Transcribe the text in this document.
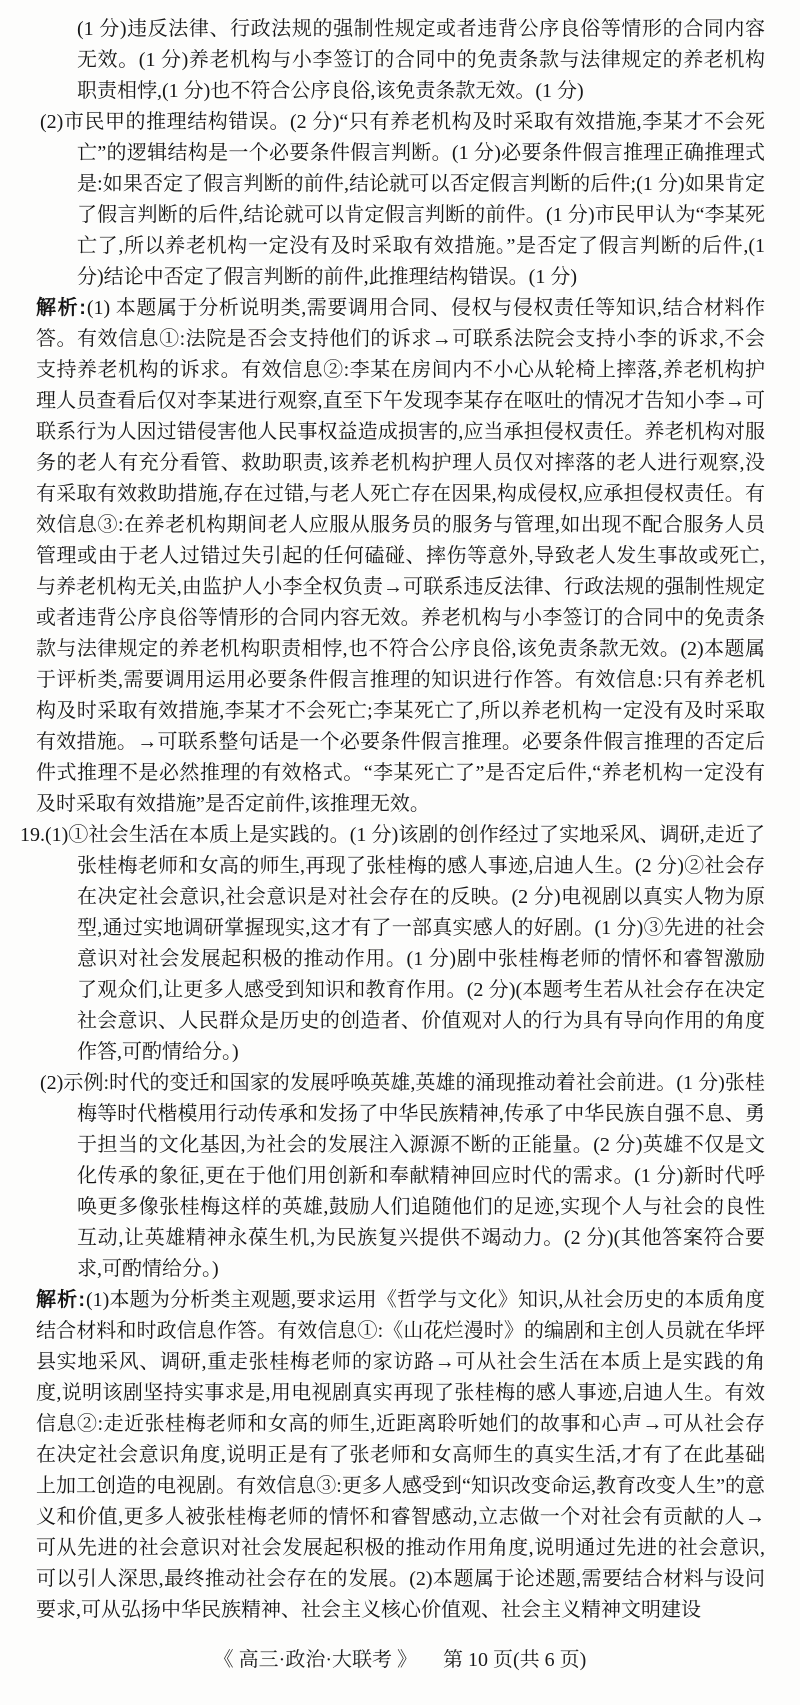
(1 分)违反法律、行政法规的强制性规定或者违背公序良俗等情形的合同内容无效。(1 分)养老机构与小李签订的合同中的免责条款与法律规定的养老机构职责相悖,(1 分)也不符合公序良俗,该免责条款无效。(1 分)

(2)市民甲的推理结构错误。(2 分)“只有养老机构及时采取有效措施,李某才不会死亡”的逻辑结构是一个必要条件假言判断。(1 分)必要条件假言推理正确推理式是:如果否定了假言判断的前件,结论就可以否定假言判断的后件;(1 分)如果肯定了假言判断的后件,结论就可以肯定假言判断的前件。(1 分)市民甲认为“李某死亡了,所以养老机构一定没有及时采取有效措施。”是否定了假言判断的后件,(1 分)结论中否定了假言判断的前件,此推理结构错误。(1 分)

解析:(1) 本题属于分析说明类,需要调用合同、侵权与侵权责任等知识,结合材料作答。有效信息①:法院是否会支持他们的诉求→可联系法院会支持小李的诉求,不会支持养老机构的诉求。有效信息②:李某在房间内不小心从轮椅上摔落,养老机构护理人员查看后仅对李某进行观察,直至下午发现李某存在呕吐的情况才告知小李→可联系行为人因过错侵害他人民事权益造成损害的,应当承担侵权责任。养老机构对服务的老人有充分看管、救助职责,该养老机构护理人员仅对摔落的老人进行观察,没有采取有效救助措施,存在过错,与老人死亡存在因果,构成侵权,应承担侵权责任。有效信息③:在养老机构期间老人应服从服务员的服务与管理,如出现不配合服务人员管理或由于老人过错过失引起的任何磕碰、摔伤等意外,导致老人发生事故或死亡,与养老机构无关,由监护人小李全权负责→可联系违反法律、行政法规的强制性规定或者违背公序良俗等情形的合同内容无效。养老机构与小李签订的合同中的免责条款与法律规定的养老机构职责相悖,也不符合公序良俗,该免责条款无效。(2)本题属于评析类,需要调用运用必要条件假言推理的知识进行作答。有效信息:只有养老机构及时采取有效措施,李某才不会死亡;李某死亡了,所以养老机构一定没有及时采取有效措施。→可联系整句话是一个必要条件假言推理。必要条件假言推理的否定后件式推理不是必然推理的有效格式。“李某死亡了”是否定后件,“养老机构一定没有及时采取有效措施”是否定前件,该推理无效。

19.(1)①社会生活在本质上是实践的。(1 分)该剧的创作经过了实地采风、调研,走近了张桂梅老师和女高的师生,再现了张桂梅的感人事迹,启迪人生。(2 分)②社会存在决定社会意识,社会意识是对社会存在的反映。(2 分)电视剧以真实人物为原型,通过实地调研掌握现实,这才有了一部真实感人的好剧。(1 分)③先进的社会意识对社会发展起积极的推动作用。(1 分)剧中张桂梅老师的情怀和睿智激励了观众们,让更多人感受到知识和教育作用。(2 分)(本题考生若从社会存在决定社会意识、人民群众是历史的创造者、价值观对人的行为具有导向作用的角度作答,可酌情给分。)

(2)示例:时代的变迁和国家的发展呼唤英雄,英雄的涌现推动着社会前进。(1 分)张桂梅等时代楷模用行动传承和发扬了中华民族精神,传承了中华民族自强不息、勇于担当的文化基因,为社会的发展注入源源不断的正能量。(2 分)英雄不仅是文化传承的象征,更在于他们用创新和奉献精神回应时代的需求。(1 分)新时代呼唤更多像张桂梅这样的英雄,鼓励人们追随他们的足迹,实现个人与社会的良性互动,让英雄精神永葆生机,为民族复兴提供不竭动力。(2 分)(其他答案符合要求,可酌情给分。)

解析:(1)本题为分析类主观题,要求运用《哲学与文化》知识,从社会历史的本质角度结合材料和时政信息作答。有效信息①:《山花烂漫时》的编剧和主创人员就在华坪县实地采风、调研,重走张桂梅老师的家访路→可从社会生活在本质上是实践的角度,说明该剧坚持实事求是,用电视剧真实再现了张桂梅的感人事迹,启迪人生。有效信息②:走近张桂梅老师和女高的师生,近距离聆听她们的故事和心声→可从社会存在决定社会意识角度,说明正是有了张老师和女高师生的真实生活,才有了在此基础上加工创造的电视剧。有效信息③:更多人感受到“知识改变命运,教育改变人生”的意义和价值,更多人被张桂梅老师的情怀和睿智感动,立志做一个对社会有贡献的人→可从先进的社会意识对社会发展起积极的推动作用角度,说明通过先进的社会意识,可以引人深思,最终推动社会存在的发展。(2)本题属于论述题,需要结合材料与设问要求,可从弘扬中华民族精神、社会主义核心价值观、社会主义精神文明建设

《 高三·政治·大联考 》 第 10 页(共 6 页)
